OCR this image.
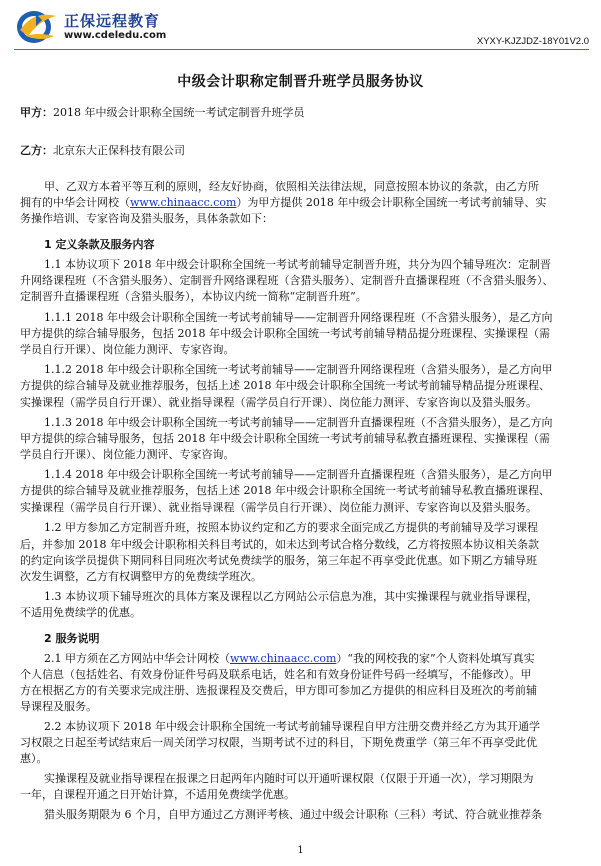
正保远程教育
www.cdeledu.com
XYXY-KJZJDZ-18Y01V2.0
中级会计职称定制晋升班学员服务协议
甲方：2018 年中级会计职称全国统一考试定制晋升班学员
乙方：北京东大正保科技有限公司
甲、乙双方本着平等互利的原则，经友好协商，依照相关法律法规，同意按照本协议的条款，由乙方所
拥有的中华会计网校（www.chinaacc.com）为甲方提供 2018 年中级会计职称全国统一考试考前辅导、实
务操作培训、专家咨询及猎头服务，具体条款如下：
1 定义条款及服务内容
1.1 本协议项下 2018 年中级会计职称全国统一考试考前辅导定制晋升班，共分为四个辅导班次：定制晋
升网络课程班（不含猎头服务）、定制晋升网络课程班（含猎头服务）、定制晋升直播课程班（不含猎头服务）、
定制晋升直播课程班（含猎头服务），本协议内统一简称“定制晋升班”。
1.1.1 2018 年中级会计职称全国统一考试考前辅导——定制晋升网络课程班（不含猎头服务），是乙方向
甲方提供的综合辅导服务，包括 2018 年中级会计职称全国统一考试考前辅导精品提分班课程、实操课程（需
学员自行开课）、岗位能力测评、专家咨询。
1.1.2 2018 年中级会计职称全国统一考试考前辅导——定制晋升网络课程班（含猎头服务），是乙方向甲
方提供的综合辅导及就业推荐服务，包括上述 2018 年中级会计职称全国统一考试考前辅导精品提分班课程、
实操课程（需学员自行开课）、就业指导课程（需学员自行开课）、岗位能力测评、专家咨询以及猎头服务。
1.1.3 2018 年中级会计职称全国统一考试考前辅导——定制晋升直播课程班（不含猎头服务），是乙方向
甲方提供的综合辅导服务，包括 2018 年中级会计职称全国统一考试考前辅导私教直播班课程、实操课程（需
学员自行开课）、岗位能力测评、专家咨询。
1.1.4 2018 年中级会计职称全国统一考试考前辅导——定制晋升直播课程班（含猎头服务），是乙方向甲
方提供的综合辅导及就业推荐服务，包括上述 2018 年中级会计职称全国统一考试考前辅导私教直播班课程、
实操课程（需学员自行开课）、就业指导课程（需学员自行开课）、岗位能力测评、专家咨询以及猎头服务。
1.2 甲方参加乙方定制晋升班，按照本协议约定和乙方的要求全面完成乙方提供的考前辅导及学习课程
后，并参加 2018 年中级会计职称相关科目考试的，如未达到考试合格分数线，乙方将按照本协议相关条款
的约定向该学员提供下期同科目同班次考试免费续学的服务，第三年起不再享受此优惠。如下期乙方辅导班
次发生调整，乙方有权调整甲方的免费续学班次。
1.3 本协议项下辅导班次的具体方案及课程以乙方网站公示信息为准，其中实操课程与就业指导课程，
不适用免费续学的优惠。
2 服务说明
2.1 甲方须在乙方网站中华会计网校（www.chinaacc.com）“我的网校我的家”个人资料处填写真实
个人信息（包括姓名、有效身份证件号码及联系电话，姓名和有效身份证件号码一经填写，不能修改）。甲
方在根据乙方的有关要求完成注册、选报课程及交费后，甲方即可参加乙方提供的相应科目及班次的考前辅
导课程及服务。
2.2 本协议项下 2018 年中级会计职称全国统一考试考前辅导课程自甲方注册交费并经乙方为其开通学
习权限之日起至考试结束后一周关闭学习权限，当期考试不过的科目，下期免费重学（第三年不再享受此优
惠）。
实操课程及就业指导课程在报课之日起两年内随时可以开通听课权限（仅限于开通一次），学习期限为
一年，自课程开通之日开始计算，不适用免费续学优惠。
猎头服务期限为 6 个月，自甲方通过乙方测评考核、通过中级会计职称（三科）考试、符合就业推荐条
1
